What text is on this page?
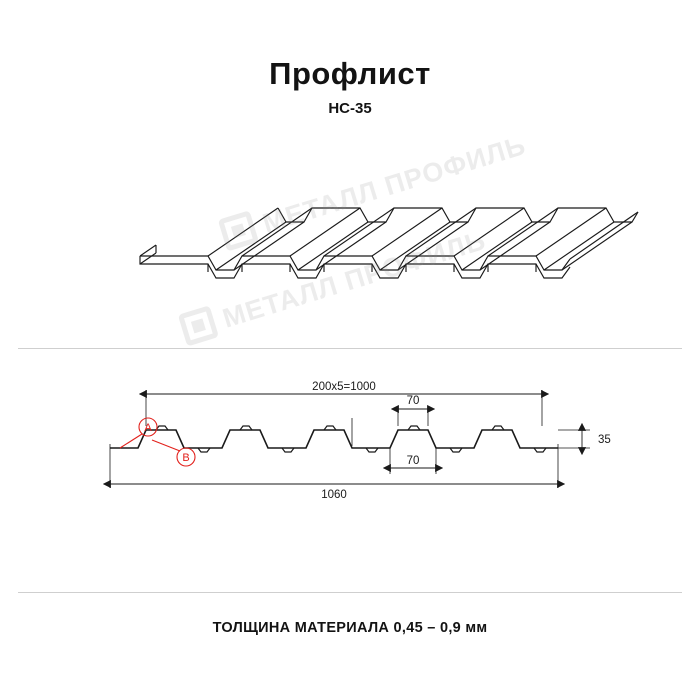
Профлист
НС-35
МЕТАЛЛ ПРОФИЛЬ
МЕТАЛЛ ПРОФИЛЬ
200x5=1000
1060
70
70
35
A
B
ТОЛЩИНА МАТЕРИАЛА 0,45 – 0,9 мм
